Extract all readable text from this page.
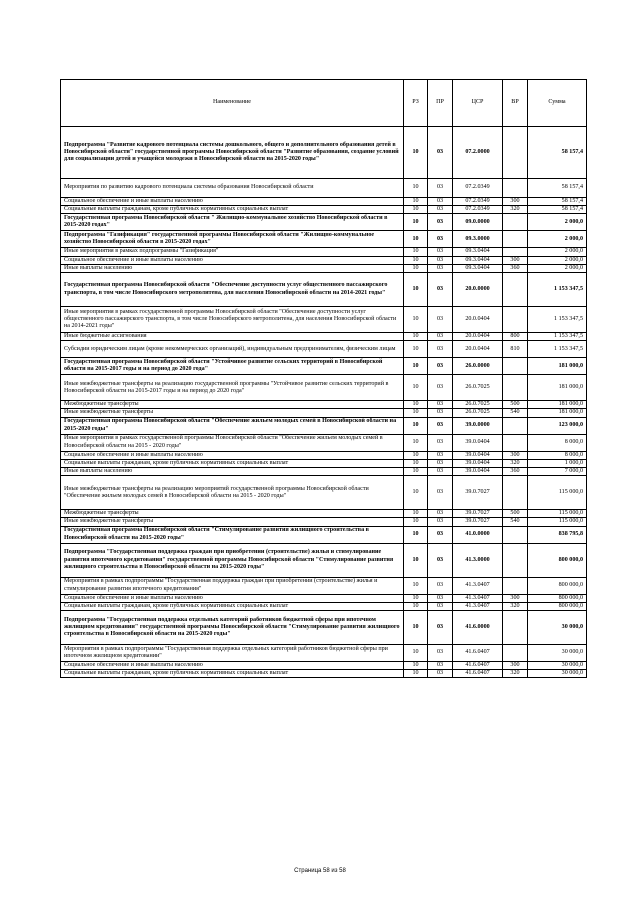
Наименование	РЗ	ПР	ЦСР	ВР	Сумма
Подпрограмма "Развитие кадрового потенциала системы дошкольного, общего и дополнительного образования детей в Новосибирской области" государственной программы Новосибирской области "Развитие образования, создание условий для социализации детей и учащейся молодежи в Новосибирской области на 2015-2020 годы"	10	03	07.2.0000		58 157,4
Мероприятия по развитию кадрового потенциала системы образования Новосибирской области	10	03	07.2.0349		58 157,4
Социальное обеспечение и иные выплаты населению	10	03	07.2.0349	300	58 157,4
Социальные выплаты гражданам, кроме публичных нормативных социальных выплат	10	03	07.2.0349	320	58 157,4
Государственная программа Новосибирской области " Жилищно-коммунальное хозяйство Новосибирской области в 2015-2020 годах"	10	03	09.0.0000		2 000,0
Подпрограмма "Газификация" государственной программы Новосибирской области "Жилищно-коммунальное хозяйство Новосибирской области в 2015-2020 годах"	10	03	09.3.0000		2 000,0
Иные мероприятия в рамках подпрограммы "Газификация"	10	03	09.3.0404		2 000,0
Социальное обеспечение и иные выплаты населению	10	03	09.3.0404	300	2 000,0
Иные выплаты населению	10	03	09.3.0404	360	2 000,0
Государственная программа Новосибирской области "Обеспечение доступности услуг общественного пассажирского транспорта, в том числе Новосибирского метрополитена, для населения Новосибирской области на 2014-2021 годы"	10	03	20.0.0000		1 153 347,5
Иные мероприятия в рамках государственной программы Новосибирской области "Обеспечение доступности услуг общественного пассажирского транспорта, в том числе Новосибирского метрополитена, для населения Новосибирской области на 2014-2021 годы"	10	03	20.0.0404		1 153 347,5
Иные бюджетные ассигнования	10	03	20.0.0404	800	1 153 347,5
Субсидии юридическим лицам (кроме некоммерческих организаций), индивидуальным предпринимателям, физическим лицам	10	03	20.0.0404	810	1 153 347,5
Государственная программа Новосибирской области "Устойчивое развитие сельских территорий в Новосибирской области на 2015-2017 годы и на период до 2020 года"	10	03	26.0.0000		181 000,0
Иные межбюджетные трансферты на реализацию государственной программы "Устойчивое развитие сельских территорий в Новосибирской области на 2015-2017 годы и на период до 2020 года"	10	03	26.0.7025		181 000,0
Межбюджетные трансферты	10	03	26.0.7025	500	181 000,0
Иные межбюджетные трансферты	10	03	26.0.7025	540	181 000,0
Государственная программа Новосибирской области "Обеспечение жильем молодых семей в Новосибирской области на 2015-2020 годы"	10	03	39.0.0000		123 000,0
Иные мероприятия в рамках государственной программы Новосибирской области "Обеспечение жильем молодых семей в Новосибирской области на 2015 - 2020 годы"	10	03	39.0.0404		8 000,0
Социальное обеспечение и иные выплаты населению	10	03	39.0.0404	300	8 000,0
Социальные выплаты гражданам, кроме публичных нормативных социальных выплат	10	03	39.0.0404	320	1 000,0
Иные выплаты населению	10	03	39.0.0404	360	7 000,0
Иные межбюджетные трансферты на реализацию мероприятий государственной программы Новосибирской области "Обеспечение жильем молодых семей в Новосибирской области на 2015 - 2020 годы"	10	03	39.0.7027		115 000,0
Межбюджетные трансферты	10	03	39.0.7027	500	115 000,0
Иные межбюджетные трансферты	10	03	39.0.7027	540	115 000,0
Государственная программа Новосибирской области "Стимулирование развития жилищного строительства в Новосибирской области на 2015-2020 годы"	10	03	41.0.0000		838 795,8
Подпрограмма "Государственная поддержка граждан при приобретении (строительстве) жилья и стимулирование развития ипотечного кредитования" государственной программы Новосибирской области "Стимулирование развития жилищного строительства в Новосибирской области на 2015-2020 годы"	10	03	41.3.0000		800 000,0
Мероприятия в рамках подпрограммы "Государственная поддержка граждан при приобретении (строительстве) жилья и стимулирование развития ипотечного кредитования"	10	03	41.3.0407		800 000,0
Социальное обеспечение и иные выплаты населению	10	03	41.3.0407	300	800 000,0
Социальные выплаты гражданам, кроме публичных нормативных социальных выплат	10	03	41.3.0407	320	800 000,0
Подпрограмма "Государственная поддержка отдельных категорий работников бюджетной сферы при ипотечном жилищном кредитовании" государственной программы Новосибирской области "Стимулирование развития жилищного строительства в Новосибирской области на 2015-2020 годы"	10	03	41.6.0000		30 000,0
Мероприятия в рамках подпрограммы "Государственная поддержка отдельных категорий работников бюджетной сферы при ипотечном жилищном кредитовании"	10	03	41.6.0407		30 000,0
Социальное обеспечение и иные выплаты населению	10	03	41.6.0407	300	30 000,0
Социальные выплаты гражданам, кроме публичных нормативных социальных выплат	10	03	41.6.0407	320	30 000,0
Страница 58 из 58
